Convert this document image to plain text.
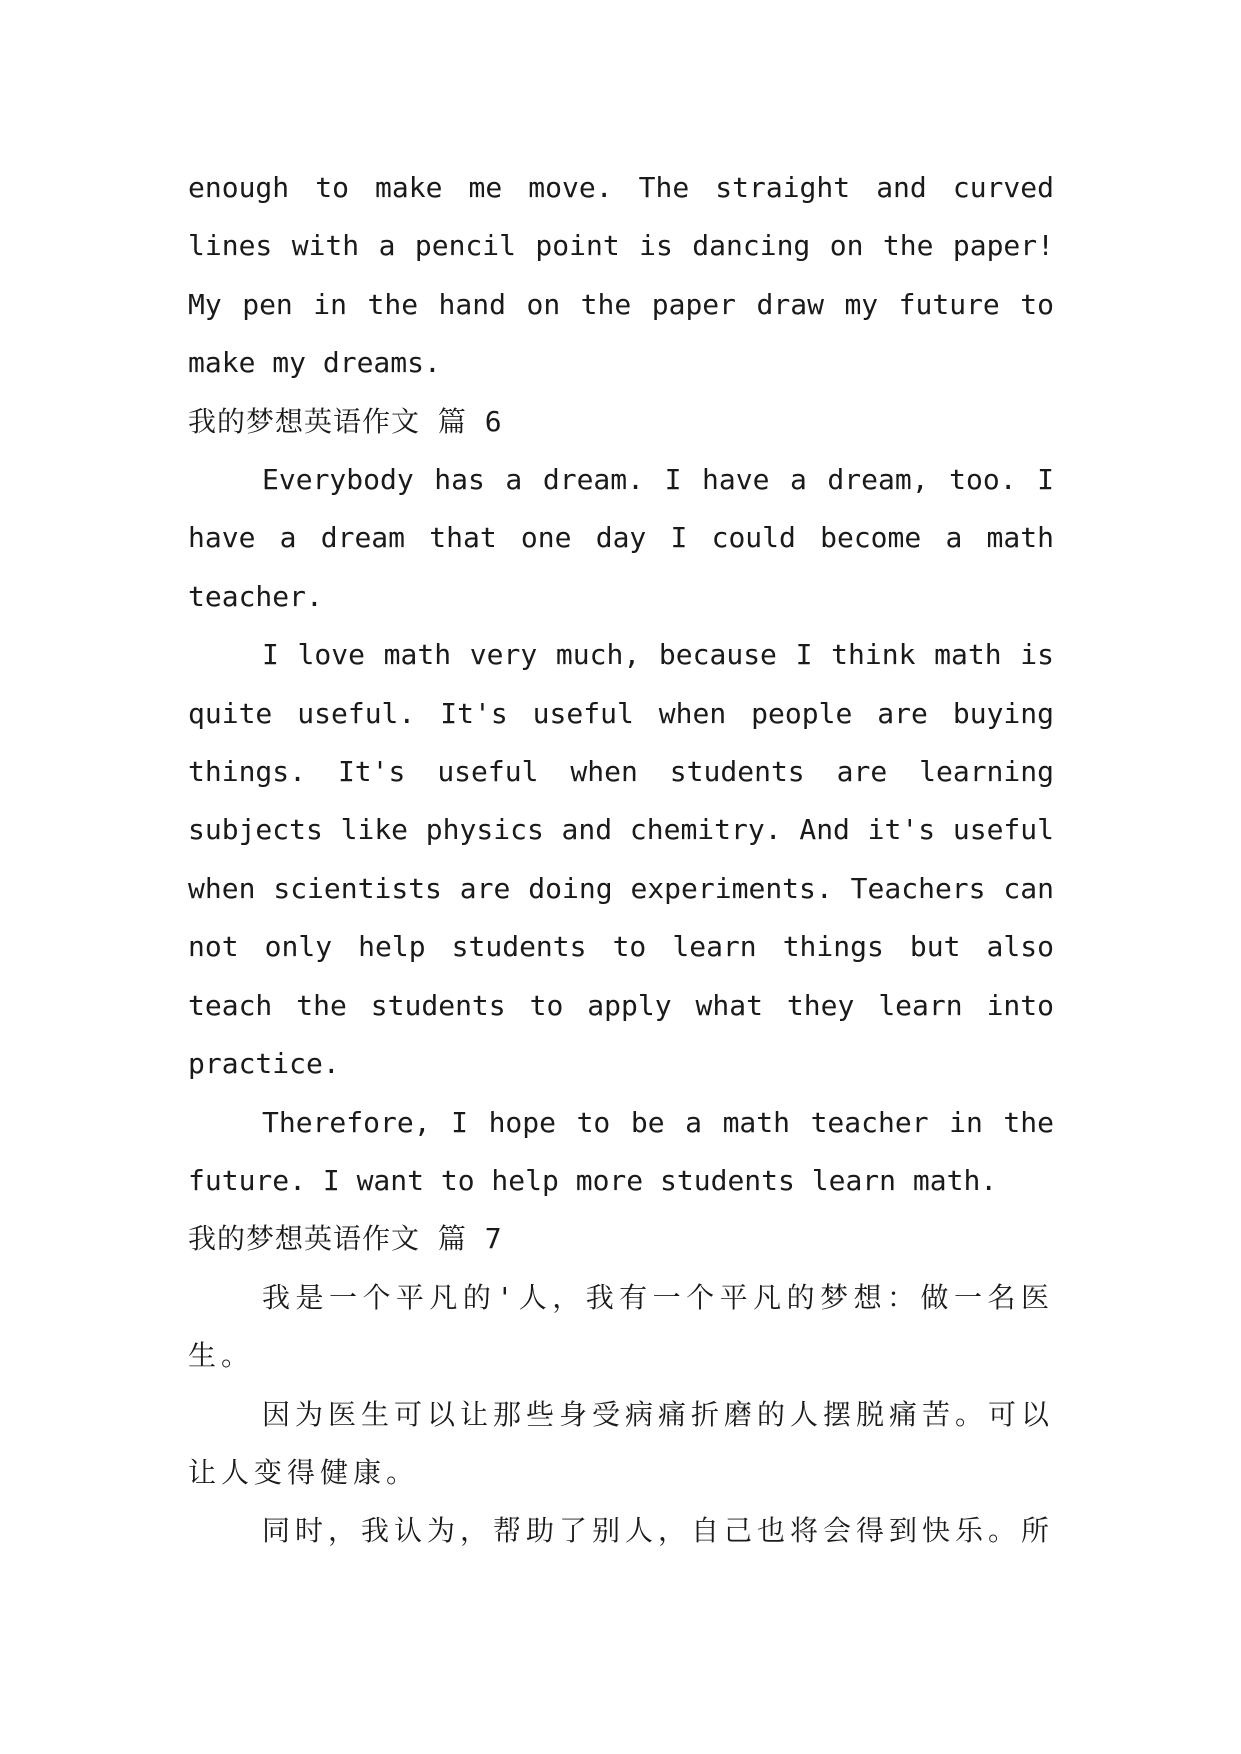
enough to make me move. The straight and curved lines with a pencil point is dancing on the paper! My pen in the hand on the paper draw my future to make my dreams.

我的梦想英语作文 篇 6

Everybody has a dream. I have a dream, too. I have a dream that one day I could become a math teacher.

I love math very much, because I think math is quite useful. It's useful when people are buying things. It's useful when students are learning subjects like physics and chemitry. And it's useful when scientists are doing experiments. Teachers can not only help students to learn things but also teach the students to apply what they learn into practice.

Therefore, I hope to be a math teacher in the future. I want to help more students learn math.

我的梦想英语作文 篇 7

我是一个平凡的'人，我有一个平凡的梦想：做一名医生。

因为医生可以让那些身受病痛折磨的人摆脱痛苦。可以让人变得健康。

同时，我认为，帮助了别人，自己也将会得到快乐。所
